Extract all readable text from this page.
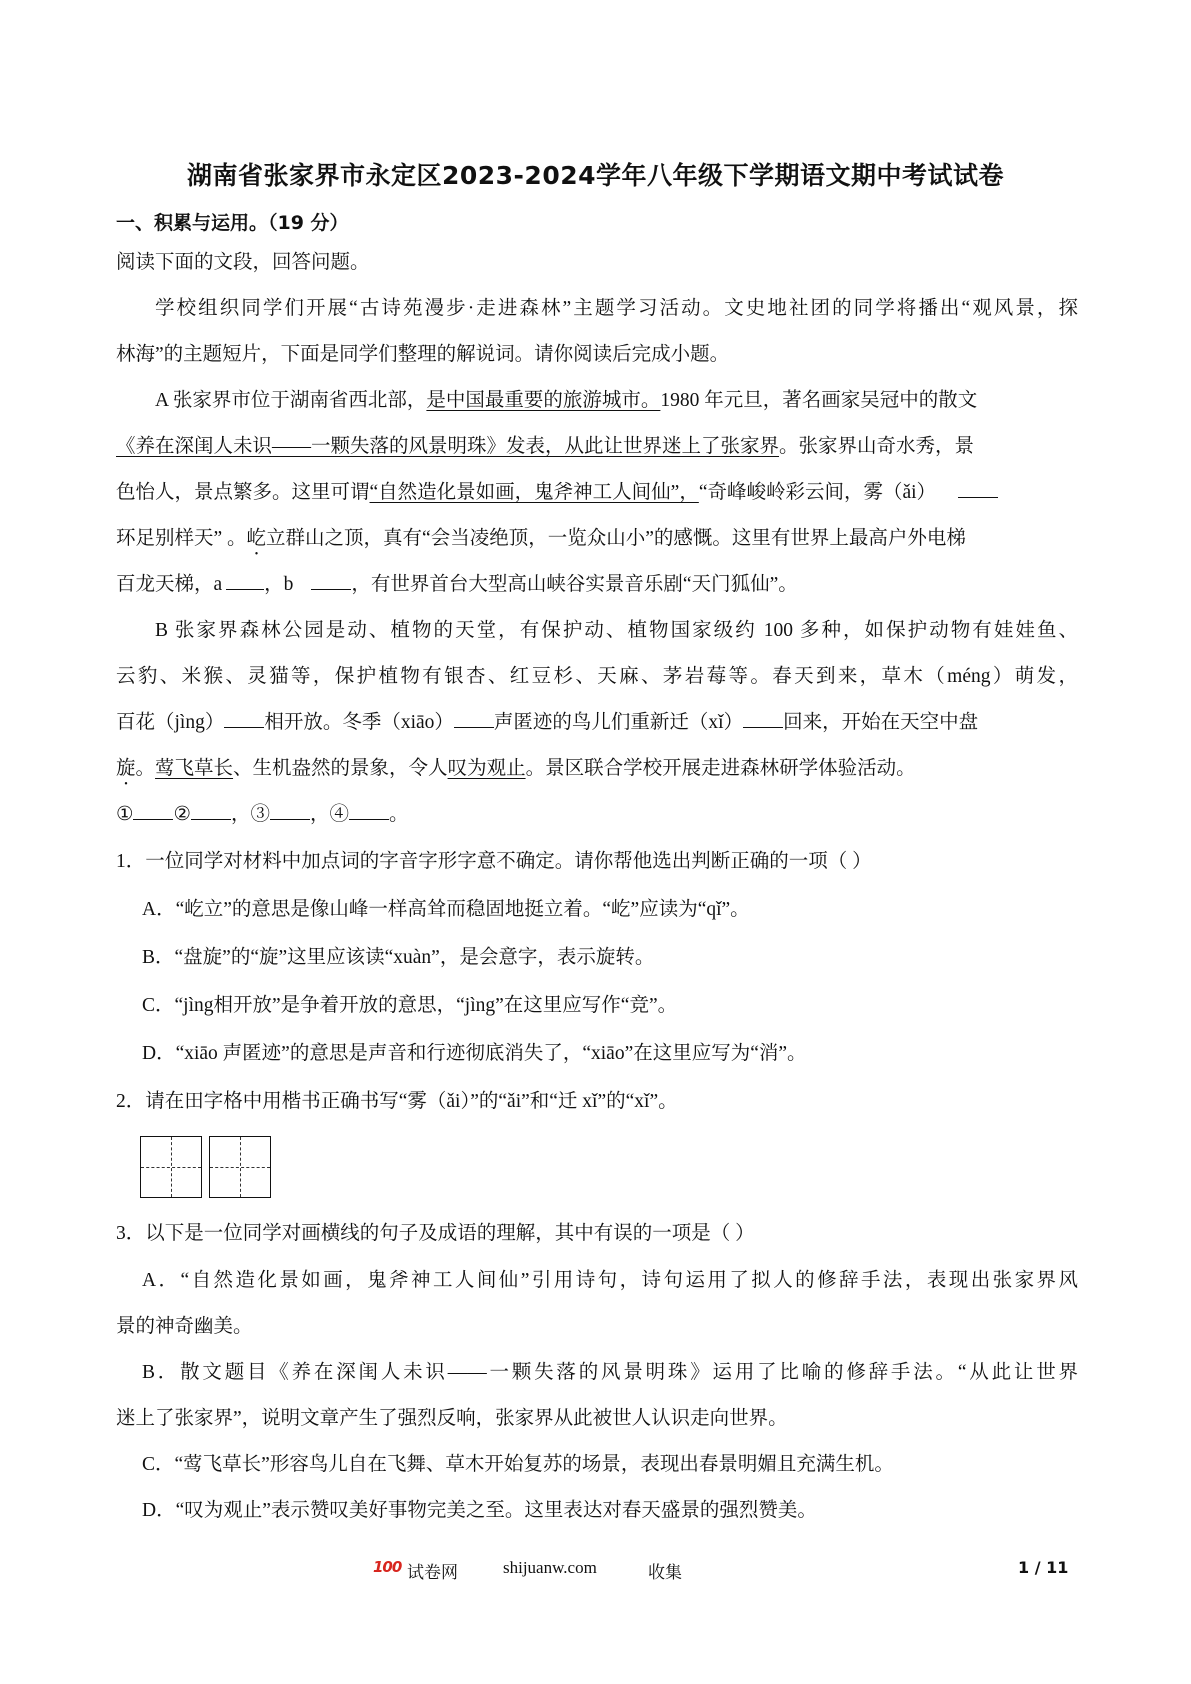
湖南省张家界市永定区2023-2024学年八年级下学期语文期中考试试卷
一、积累与运用。（19 分）
阅读下面的文段，回答问题。
学校组织同学们开展“古诗苑漫步·走进森林”主题学习活动。文史地社团的同学将播出“观风景，探
林海”的主题短片，下面是同学们整理的解说词。请你阅读后完成小题。
A 张家界市位于湖南省西北部，是中国最重要的旅游城市。1980 年元旦，著名画家吴冠中的散文
《养在深闺人未识——一颗失落的风景明珠》发表，从此让世界迷上了张家界。张家界山奇水秀，景
色怡人，景点繁多。这里可谓“自然造化景如画，鬼斧神工人间仙”，“奇峰峻岭彩云间，雾（ǎi）
环足别样天” 。屹立群山之顶，真有“会当凌绝顶，一览众山小”的感慨。这里有世界上最高户外电梯
百龙天梯，a ，b	，有世界首台大型高山峡谷实景音乐剧“天门狐仙”。
B 张家界森林公园是动、植物的天堂，有保护动、植物国家级约 100 多种，如保护动物有娃娃鱼、
云豹、米猴、灵猫等，保护植物有银杏、红豆杉、天麻、茅岩莓等。春天到来，草木（méng）萌发，
百花（jìng） 相开放。冬季（xiāo） 声匿迹的鸟儿们重新迁（xǐ） 回来，开始在天空中盘
旋。莺飞草长、生机盎然的景象，令人叹为观止。景区联合学校开展走进森林研学体验活动。
① ② ，③ ，④ 。
1．一位同学对材料中加点词的字音字形字意不确定。请你帮他选出判断正确的一项（ ）
A．“屹立”的意思是像山峰一样高耸而稳固地挺立着。“屹”应读为“qǐ”。
B．“盘旋”的“旋”这里应该读“xuàn”，是会意字，表示旋转。
C．“jìng相开放”是争着开放的意思，“jìng”在这里应写作“竞”。
D．“xiāo 声匿迹”的意思是声音和行迹彻底消失了，“xiāo”在这里应写为“消”。
2．请在田字格中用楷书正确书写“雾（ǎi）”的“ǎi”和“迁 xǐ”的“xǐ”。
3．以下是一位同学对画横线的句子及成语的理解，其中有误的一项是（ ）
A．“自然造化景如画，鬼斧神工人间仙”引用诗句，诗句运用了拟人的修辞手法，表现出张家界风
景的神奇幽美。
B．散文题目《养在深闺人未识——一颗失落的风景明珠》运用了比喻的修辞手法。“从此让世界
迷上了张家界”，说明文章产生了强烈反响，张家界从此被世人认识走向世界。
C．“莺飞草长”形容鸟儿自在飞舞、草木开始复苏的场景，表现出春景明媚且充满生机。
D．“叹为观止”表示赞叹美好事物完美之至。这里表达对春天盛景的强烈赞美。
100 试卷网	shijuanw.com	收集	1 / 11
